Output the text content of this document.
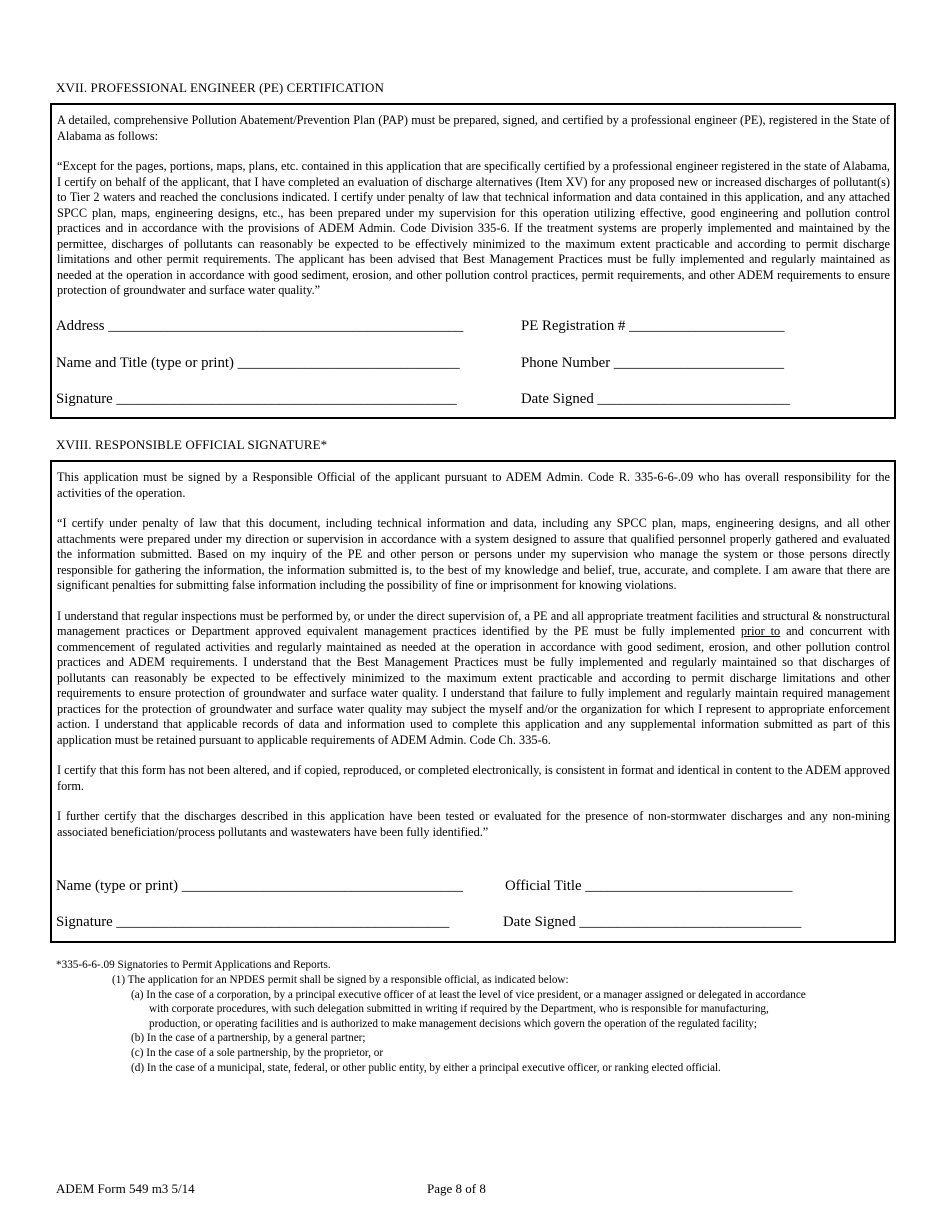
XVII. PROFESSIONAL ENGINEER (PE) CERTIFICATION

A detailed, comprehensive Pollution Abatement/Prevention Plan (PAP) must be prepared, signed, and certified by a professional engineer (PE), registered in the State of Alabama as follows:

“Except for the pages, portions, maps, plans, etc. contained in this application that are specifically certified by a professional engineer registered in the state of Alabama, I certify on behalf of the applicant, that I have completed an evaluation of discharge alternatives (Item XV) for any proposed new or increased discharges of pollutant(s) to Tier 2 waters and reached the conclusions indicated. I certify under penalty of law that technical information and data contained in this application, and any attached SPCC plan, maps, engineering designs, etc., has been prepared under my supervision for this operation utilizing effective, good engineering and pollution control practices and in accordance with the provisions of ADEM Admin. Code Division 335-6. If the treatment systems are properly implemented and maintained by the permittee, discharges of pollutants can reasonably be expected to be effectively minimized to the maximum extent practicable and according to permit discharge limitations and other permit requirements. The applicant has been advised that Best Management Practices must be fully implemented and regularly maintained as needed at the operation in accordance with good sediment, erosion, and other pollution control practices, permit requirements, and other ADEM requirements to ensure protection of groundwater and surface water quality.”

Address ________________________________________________	PE Registration # _____________________
Name and Title (type or print) ______________________________	Phone Number _______________________
Signature ______________________________________________	Date Signed __________________________
XVIII. RESPONSIBLE OFFICIAL SIGNATURE*

This application must be signed by a Responsible Official of the applicant pursuant to ADEM Admin. Code R. 335-6-6-.09 who has overall responsibility for the activities of the operation.

“I certify under penalty of law that this document, including technical information and data, including any SPCC plan, maps, engineering designs, and all other attachments were prepared under my direction or supervision in accordance with a system designed to assure that qualified personnel properly gathered and evaluated the information submitted. Based on my inquiry of the PE and other person or persons under my supervision who manage the system or those persons directly responsible for gathering the information, the information submitted is, to the best of my knowledge and belief, true, accurate, and complete. I am aware that there are significant penalties for submitting false information including the possibility of fine or imprisonment for knowing violations.

I understand that regular inspections must be performed by, or under the direct supervision of, a PE and all appropriate treatment facilities and structural & nonstructural management practices or Department approved equivalent management practices identified by the PE must be fully implemented prior to and concurrent with commencement of regulated activities and regularly maintained as needed at the operation in accordance with good sediment, erosion, and other pollution control practices and ADEM requirements. I understand that the Best Management Practices must be fully implemented and regularly maintained so that discharges of pollutants can reasonably be expected to be effectively minimized to the maximum extent practicable and according to permit discharge limitations and other requirements to ensure protection of groundwater and surface water quality. I understand that failure to fully implement and regularly maintain required management practices for the protection of groundwater and surface water quality may subject the myself and/or the organization for which I represent to appropriate enforcement action. I understand that applicable records of data and information used to complete this application and any supplemental information submitted as part of this application must be retained pursuant to applicable requirements of ADEM Admin. Code Ch. 335-6.

I certify that this form has not been altered, and if copied, reproduced, or completed electronically, is consistent in format and identical in content to the ADEM approved form.

I further certify that the discharges described in this application have been tested or evaluated for the presence of non-stormwater discharges and any non-mining associated beneficiation/process pollutants and wastewaters have been fully identified.”

Name (type or print) ______________________________________	Official Title ____________________________
Signature _____________________________________________	Date Signed ______________________________
*335-6-6-.09 Signatories to Permit Applications and Reports.
(1) The application for an NPDES permit shall be signed by a responsible official, as indicated below:
(a) In the case of a corporation, by a principal executive officer of at least the level of vice president, or a manager assigned or delegated in accordance
with corporate procedures, with such delegation submitted in writing if required by the Department, who is responsible for manufacturing,
production, or operating facilities and is authorized to make management decisions which govern the operation of the regulated facility;
(b) In the case of a partnership, by a general partner;
(c) In the case of a sole partnership, by the proprietor, or
(d) In the case of a municipal, state, federal, or other public entity, by either a principal executive officer, or ranking elected official.
ADEM Form 549 m3 5/14	Page 8 of 8
